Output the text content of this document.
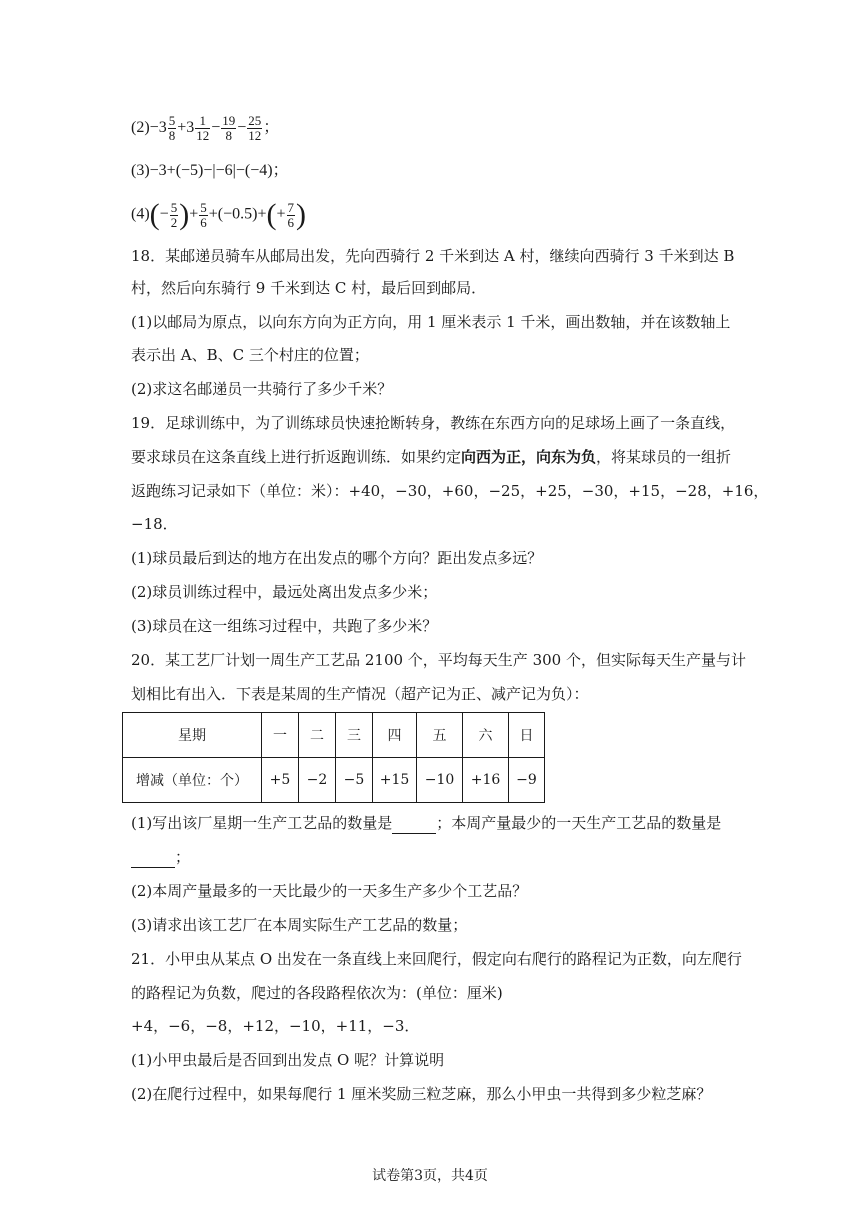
$(2)-3 \frac{5}{8} +3 \frac{1}{12} - \frac{19}{8} - \frac{25}{12}$ ；
(3)−3+(−5)−|−6|−(−4)；
$(4)(- \frac{5}{2}$ )+ $\frac{5}{6} +(-0.5)+(+ \frac{7}{6}$ )
18．某邮递员骑车从邮局出发，先向西骑行 2 千米到达 A 村，继续向西骑行 3 千米到达 B
村，然后向东骑行 9 千米到达 C 村，最后回到邮局．
(1)以邮局为原点，以向东方向为正方向，用 1 厘米表示 1 千米，画出数轴，并在该数轴上
表示出 A、B、C 三个村庄的位置；
(2)求这名邮递员一共骑行了多少千米？
19．足球训练中，为了训练球员快速抢断转身，教练在东西方向的足球场上画了一条直线，
要求球员在这条直线上进行折返跑训练．如果约定向西为正，向东为负，将某球员的一组折
返跑练习记录如下（单位：米）：+40，−30，+60，−25，+25，−30，+15，−28，+16，
−18．
(1)球员最后到达的地方在出发点的哪个方向？距出发点多远？
(2)球员训练过程中，最远处离出发点多少米；
(3)球员在这一组练习过程中，共跑了多少米？
20．某工艺厂计划一周生产工艺品 2100 个，平均每天生产 300 个，但实际每天生产量与计
划相比有出入．下表是某周的生产情况（超产记为正、减产记为负）：
星期	一	二	三	四	五	六	日
增减（单位：个）	+5	−2	−5	+15	−10	+16	−9
(1)写出该厂星期一生产工艺品的数量是	；本周产量最少的一天生产工艺品的数量是
；
(2)本周产量最多的一天比最少的一天多生产多少个工艺品？
(3)请求出该工艺厂在本周实际生产工艺品的数量；
21．小甲虫从某点 O 出发在一条直线上来回爬行，假定向右爬行的路程记为正数，向左爬行
的路程记为负数，爬过的各段路程依次为：(单位：厘米)
+4，−6，−8，+12，−10，+11，−3．
(1)小甲虫最后是否回到出发点 O 呢？计算说明
(2)在爬行过程中，如果每爬行 1 厘米奖励三粒芝麻，那么小甲虫一共得到多少粒芝麻？
试卷第3页，共4页
